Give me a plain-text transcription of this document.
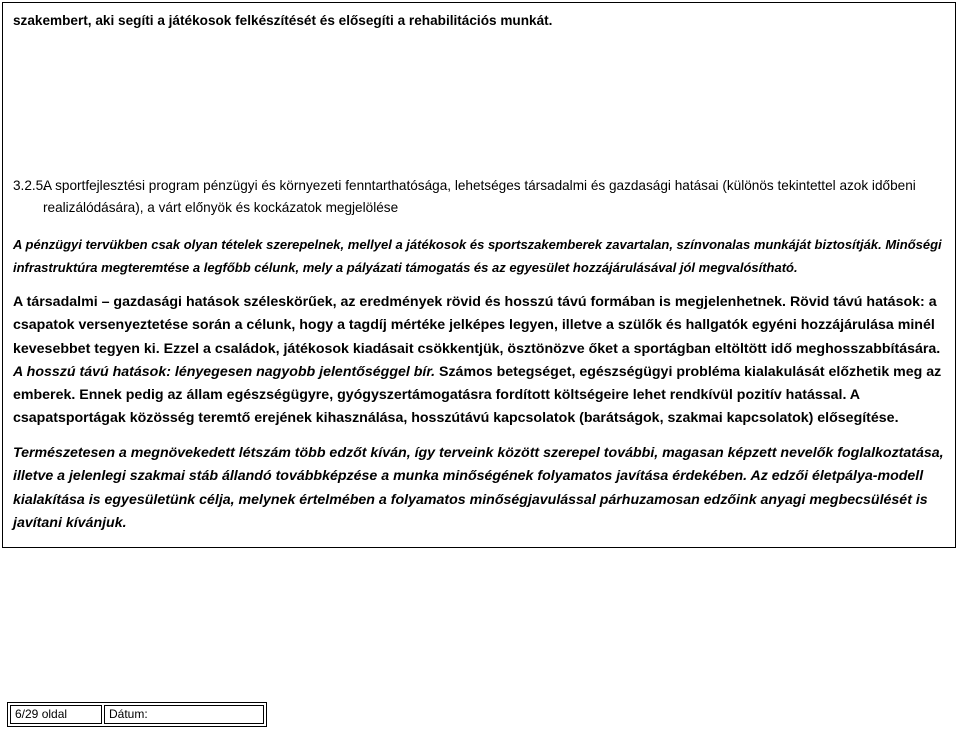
szakembert, aki segíti a játékosok felkészítését és elősegíti a rehabilitációs munkát.

3.2.5.A sportfejlesztési program pénzügyi és környezeti fenntarthatósága, lehetséges társadalmi és gazdasági hatásai (különös tekintettel azok időbeni
realizálódására), a várt előnyök és kockázatok megjelölése

A pénzügyi tervükben csak olyan tételek szerepelnek, mellyel a játékosok és sportszakemberek zavartalan, színvonalas munkáját biztosítják. Minőségi infrastruktúra megteremtése a legfőbb célunk, mely a pályázati támogatás és az egyesület hozzájárulásával jól megvalósítható.

A társadalmi – gazdasági hatások széleskörűek, az eredmények rövid és hosszú távú formában is megjelenhetnek. Rövid távú hatások: a csapatok versenyeztetése során a célunk, hogy a tagdíj mértéke jelképes legyen, illetve a szülők és hallgatók egyéni hozzájárulása minél kevesebbet tegyen ki. Ezzel a családok, játékosok kiadásait csökkentjük, ösztönözve őket a sportágban eltöltött idő meghosszabbítására. A hosszú távú hatások: lényegesen nagyobb jelentőséggel bír. Számos betegséget, egészségügyi probléma kialakulását előzhetik meg az emberek. Ennek pedig az állam egészségügyre, gyógyszertámogatásra fordított költségeire lehet rendkívül pozitív hatással. A csapatsportágak közösség teremtő erejének kihasználása, hosszútávú kapcsolatok (barátságok, szakmai kapcsolatok) elősegítése.

Természetesen a megnövekedett létszám több edzőt kíván, így terveink között szerepel további, magasan képzett nevelők foglalkoztatása, illetve a jelenlegi szakmai stáb állandó továbbképzése a munka minőségének folyamatos javítása érdekében. Az edzői életpálya-modell kialakítása is egyesületünk célja, melynek értelmében a folyamatos minőségjavulással párhuzamosan edzőink anyagi megbecsülését is javítani kívánjuk.

6/29 oldal	Dátum:
